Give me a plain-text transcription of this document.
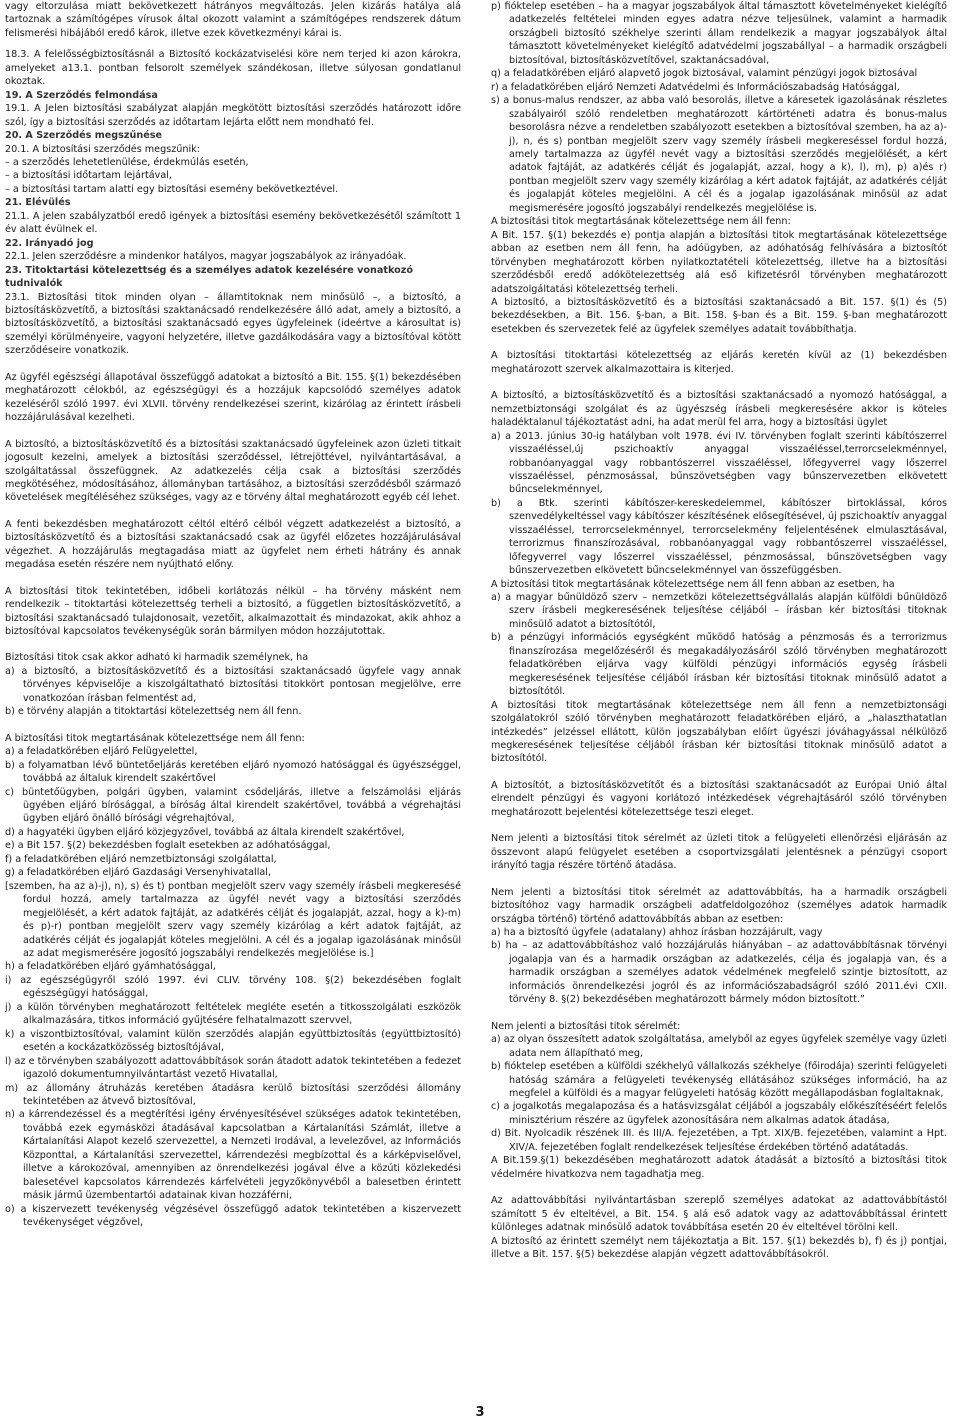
vagy eltorzulása miatt bekövetkezett hátrányos megváltozás. Jelen kizárás hatálya alá tartoznak a számítógépes vírusok által okozott valamint a számítógépes rendszerek dátum felismerési hibájából eredő károk, illetve ezek következményi kárai is.

18.3. A felelősségbiztosításnál a Biztosító kockázatviselési köre nem terjed ki azon károkra, amelyeket a13.1. pontban felsorolt személyek szándékosan, illetve súlyosan gondatlanul okoztak.

19. A Szerződés felmondása

19.1. A Jelen biztosítási szabályzat alapján megkötött biztosítási szerződés határozott időre szól, így a biztosítási szerződés az időtartam lejárta előtt nem mondható fel.

20. A Szerződés megszűnése

20.1. A biztosítási szerződés megszűnik:

– a szerződés lehetetlenülése, érdekmúlás esetén,

– a biztosítási időtartam lejártával,

– a biztosítási tartam alatti egy biztosítási esemény bekövetkeztével.

21. Elévülés

21.1. A jelen szabályzatból eredő igények a biztosítási esemény bekövetkezésétől számított 1 év alatt évülnek el.

22. Irányadó jog

22.1. Jelen szerződésre a mindenkor hatályos, magyar jogszabályok az irányadóak.

23. Titoktartási kötelezettség és a személyes adatok kezelésére vonatkozó tudnivalók

23.1. Biztosítási titok minden olyan – államtitoknak nem minősülő –, a biztosító, a biztosításközvetítő, a biztosítási szaktanácsadó rendelkezésére álló adat, amely a biztosító, a biztosításközvetítő, a biztosítási szaktanácsadó egyes ügyfeleinek (ideértve a károsultat is) személyi körülményeire, vagyoni helyzetére, illetve gazdálkodására vagy a biztosítóval kötött szerződéseire vonatkozik.

Az ügyfél egészségi állapotával összefüggő adatokat a biztosító a Bit. 155. §(1) bekezdésében meghatározott célokból, az egészségügyi és a hozzájuk kapcsolódó személyes adatok kezeléséről szóló 1997. évi XLVII. törvény rendelkezései szerint, kizárólag az érintett írásbeli hozzájárulásával kezelheti.

A biztosító, a biztosításközvetítő és a biztosítási szaktanácsadó ügyfeleinek azon üzleti titkait jogosult kezelni, amelyek a biztosítási szerződéssel, létrejöttével, nyilvántartásával, a szolgáltatással összefüggnek. Az adatkezelés célja csak a biztosítási szerződés megkötéséhez, módosításához, állományban tartásához, a biztosítási szerződésből származó követelések megítéléséhez szükséges, vagy az e törvény által meghatározott egyéb cél lehet.

A fenti bekezdésben meghatározott céltól eltérő célból végzett adatkezelést a biztosító, a biztosításközvetítő és a biztosítási szaktanácsadó csak az ügyfél előzetes hozzájárulásával végezhet. A hozzájárulás megtagadása miatt az ügyfelet nem érheti hátrány és annak megadása esetén részére nem nyújtható előny.

A biztosítási titok tekintetében, időbeli korlátozás nélkül – ha törvény másként nem rendelkezik – titoktartási kötelezettség terheli a biztosító, a független biztosításközvetítő, a biztosítási szaktanácsadó tulajdonosait, vezetőit, alkalmazottait és mindazokat, akik ahhoz a biztosítóval kapcsolatos tevékenységük során bármilyen módon hozzájutottak.

Biztosítási titok csak akkor adható ki harmadik személynek, ha

a) a biztosító, a biztosításközvetítő és a biztosítási szaktanácsadó ügyfele vagy annak törvényes képviselője a kiszolgáltatható biztosítási titokkört pontosan megjelölve, erre vonatkozóan írásban felmentést ad,

b) e törvény alapján a titoktartási kötelezettség nem áll fenn.

A biztosítási titok megtartásának kötelezettsége nem áll fenn:

a) a feladatkörében eljáró Felügyelettel,

b) a folyamatban lévő büntetőeljárás keretében eljáró nyomozó hatósággal és ügyészséggel, továbbá az általuk kirendelt szakértővel

c) büntetőügyben, polgári ügyben, valamint csődeljárás, illetve a felszámolási eljárás ügyében eljáró bírósággal, a bíróság által kirendelt szakértővel, továbbá a végrehajtási ügyben eljáró önálló bírósági végrehajtóval,

d) a hagyatéki ügyben eljáró közjegyzővel, továbbá az általa kirendelt szakértővel,

e) a Bit 157. §(2) bekezdésben foglalt esetekben az adóhatósággal,

f) a feladatkörében eljáró nemzetbiztonsági szolgálattal,

g) a feladatkörében eljáró Gazdasági Versenyhivatallal,

[szemben, ha az a)-j), n), s) és t) pontban megjelölt szerv vagy személy írásbeli megkeresésé fordul hozzá, amely tartalmazza az ügyfél nevét vagy a biztosítási szerződés megjelölését, a kért adatok fajtáját, az adatkérés célját és jogalapját, azzal, hogy a k)-m) és p)-r) pontban megjelölt szerv vagy személy kizárólag a kért adatok fajtáját, az adatkérés célját és jogalapját köteles megjelölni. A cél és a jogalap igazolásának minősül az adat megismerésére jogosító jogszabályi rendelkezés megjelölése is.]

h) a feladatkörében eljáró gyámhatósággal,

i) az egészségügyről szóló 1997. évi CLIV. törvény 108. §(2) bekezdésében foglalt egészségügyi hatósággal,

j) a külön törvényben meghatározott feltételek megléte esetén a titkosszolgálati eszközök alkalmazására, titkos információ gyűjtésére felhatalmazott szervvel,

k) a viszontbiztosítóval, valamint külön szerződés alapján együttbiztosítás (együttbiztosító) esetén a kockázatközösség biztosítójával,

l) az e törvényben szabályozott adattovábbítások során átadott adatok tekintetében a fedezet igazoló dokumentumnyilvántartást vezető Hivatallal,

m) az állomány átruházás keretében átadásra kerülő biztosítási szerződési állomány tekintetében az átvevő biztosítóval,

n) a kárrendezéssel és a megtérítési igény érvényesítésével szükséges adatok tekintetében, továbbá ezek egymásközi átadásával kapcsolatban a Kártalanítási Számlát, illetve a Kártalanítási Alapot kezelő szervezettel, a Nemzeti Irodával, a levelezővel, az Információs Központtal, a Kártalanítási szervezettel, kárrendezési megbízottal és a kárképviselővel, illetve a károkozóval, amennyiben az önrendelkezési jogával élve a közúti közlekedési balesetével kapcsolatos kárrendezés kárfelvételi jegyzőkönyvéből a balesetben érintett másik jármű üzembentartói adatainak kivan hozzáférni,

o) a kiszervezett tevékenység végzésével összefüggő adatok tekintetében a kiszervezett tevékenységet végzővel,

p) fióktelep esetében – ha a magyar jogszabályok által támasztott követelményeket kielégítő adatkezelés feltételei minden egyes adatra nézve teljesülnek, valamint a harmadik országbeli biztosító székhelye szerinti állam rendelkezik a magyar jogszabályok által támasztott követelményeket kielégítő adatvédelmi jogszabállyal – a harmadik országbeli biztosítóval, biztosításközvetítővel, szaktanácsadóval,

q) a feladatkörében eljáró alapvető jogok biztosával, valamint pénzügyi jogok biztosával

r) a feladatkörében eljáró Nemzeti Adatvédelmi és Információszabadság Hatósággal,

s) a bonus-malus rendszer, az abba való besorolás, illetve a káresetek igazolásának részletes szabályairól szóló rendeletben meghatározott kártörténeti adatra és bonus-malus besorolásra nézve a rendeletben szabályozott esetekben a biztosítóval szemben, ha az a)-j), n, és s) pontban megjelölt szerv vagy személy írásbeli megkereséssel fordul hozzá, amely tartalmazza az ügyfél nevét vagy a biztosítási szerződés megjelölését, a kért adatok fajtáját, az adatkérés célját és jogalapját, azzal, hogy a k), l), m), p) a)és r) pontban megjelölt szerv vagy személy kizárólag a kért adatok fajtáját, az adatkérés célját és jogalapját köteles megjelölni. A cél és a jogalap igazolásának minősül az adat megismerésére jogosító jogszabályi rendelkezés megjelölése is.

A biztosítási titok megtartásának kötelezettsége nem áll fenn:

A Bit. 157. §(1) bekezdés e) pontja alapján a biztosítási titok megtartásának kötelezettsége abban az esetben nem áll fenn, ha adóügyben, az adóhatóság felhívására a biztosítót törvényben meghatározott körben nyilatkoztatételi kötelezettség, illetve ha a biztosítási szerződésből eredő adókötelezettség alá eső kifizetésről törvényben meghatározott adatszolgáltatási kötelezettség terheli.

A biztosító, a biztosításközvetítő és a biztosítási szaktanácsadó a Bit. 157. §(1) és (5) bekezdésekben, a Bit. 156. §-ban, a Bit. 158. §-ban és a Bit. 159. §-ban meghatározott esetekben és szervezetek felé az ügyfelek személyes adatait továbbíthatja.

A biztosítási titoktartási kötelezettség az eljárás keretén kívül az (1) bekezdésben meghatározott szervek alkalmazottaira is kiterjed.

A biztosító, a biztosításközvetítő és a biztosítási szaktanácsadó a nyomozó hatósággal, a nemzetbiztonsági szolgálat és az ügyészség írásbeli megkeresésére akkor is köteles haladéktalanul tájékoztatást adni, ha adat merül fel arra, hogy a biztosítási ügylet

a) a 2013. június 30-ig hatályban volt 1978. évi IV. törvényben foglalt szerinti kábítószerrel visszaéléssel,új pszichoaktív anyaggal visszaéléssel,terrorcselekménnyel, robbanóanyaggal vagy robbantószerrel visszaéléssel, lőfegyverrel vagy lőszerrel visszaéléssel, pénzmosással, bűnszövetségben vagy bűnszervezetben elkövetett bűncselekménnyel,

b) a Btk. szerinti kábítószer-kereskedelemmel, kábítószer birtoklással, kóros szenvedélykeltéssel vagy kábítószer készítésének elősegítésével, új pszichoaktív anyaggal visszaéléssel, terrorcselekménnyel, terrorcselekmény feljelentésének elmulasztásával, terrorizmus finanszírozásával, robbanóanyaggal vagy robbantószerrel visszaéléssel, lőfegyverrel vagy lőszerrel visszaéléssel, pénzmosással, bűnszövetségben vagy bűnszervezetben elkövetett bűncselekménnyel van összefüggésben.

A biztosítási titok megtartásának kötelezettsége nem áll fenn abban az esetben, ha

a) a magyar bűnüldöző szerv – nemzetközi kötelezettségvállalás alapján külföldi bűnüldöző szerv írásbeli megkeresésének teljesítése céljából – írásban kér biztosítási titoknak minősülő adatot a biztosítótól,

b) a pénzügyi információs egységként működő hatóság a pénzmosás és a terrorizmus finanszírozása megelőzéséről és megakadályozásáról szóló törvényben meghatározott feladatkörében eljárva vagy külföldi pénzügyi információs egység írásbeli megkeresésének teljesítése céljából írásban kér biztosítási titoknak minősülő adatot a biztosítótól.

A biztosítási titok megtartásának kötelezettsége nem áll fenn a nemzetbiztonsági szolgálatokról szóló törvényben meghatározott feladatkörében eljáró, a „halaszthatatlan intézkedés” jelzéssel ellátott, külön jogszabályban előírt ügyészi jóváhagyással nélkülöző megkeresésének teljesítése céljából írásban kér biztosítási titoknak minősülő adatot a biztosítótól.

A biztosítót, a biztosításközvetítőt és a biztosítási szaktanácsadót az Európai Unió által elrendelt pénzügyi és vagyoni korlátozó intézkedések végrehajtásáról szóló törvényben meghatározott bejelentési kötelezettsége teszi eleget.

Nem jelenti a biztosítási titok sérelmét az üzleti titok a felügyeleti ellenőrzési eljárásán az összevont alapú felügyelet esetében a csoportvizsgálati jelentésnek a pénzügyi csoport irányító tagja részére történő átadása.

Nem jelenti a biztosítási titok sérelmét az adattovábbítás, ha a harmadik országbeli biztosítóhoz vagy harmadik országbeli adatfeldolgozóhoz (személyes adatok harmadik országba történő) történő adattovábbítás abban az esetben:

a) ha a biztosító ügyfele (adatalany) ahhoz írásban hozzájárult, vagy

b) ha – az adattovábbításhoz való hozzájárulás hiányában – az adattovábbításnak törvényi jogalapja van és a harmadik országban az adatkezelés, célja és jogalapja van, és a harmadik országban a személyes adatok védelmének megfelelő szintje biztosított, az információs önrendelkezési jogról és az információszabadságról szóló 2011.évi CXII. törvény 8. §(2) bekezdésében meghatározott bármely módon biztosított.”

Nem jelenti a biztosítási titok sérelmét:

a) az olyan összesített adatok szolgáltatása, amelyből az egyes ügyfelek személye vagy üzleti adata nem állapítható meg,

b) fióktelep esetében a külföldi székhelyű vállalkozás székhelye (főirodája) szerinti felügyeleti hatóság számára a felügyeleti tevékenység ellátásához szükséges információ, ha az megfelel a külföldi és a magyar felügyeleti hatóság között megállapodásban foglaltaknak,

c) a jogalkotás megalapozása és a hatásvizsgálat céljából a jogszabály előkészítéséért felelős minisztérium részére az ügyfelek azonosítására nem alkalmas adatok átadása,

d) Bit. Nyolcadik részének III. és III/A. fejezetében, a Tpt. XIX/B. fejezetében, valamint a Hpt. XIV/A. fejezetében foglalt rendelkezések teljesítése érdekében történő adatátadás.

A Bit.159.§(1) bekezdésében meghatározott adatok átadását a biztosító a biztosítási titok védelmére hivatkozva nem tagadhatja meg.

Az adattovábbítási nyilvántartásban szereplő személyes adatokat az adattovábbítástól számított 5 év elteltével, a Bit. 154. § alá eső adatok vagy az adattovábbítással érintett különleges adatnak minősülő adatok továbbítása esetén 20 év elteltével törölni kell.

A biztosító az érintett személyt nem tájékoztatja a Bit. 157. §(1) bekezdés b), f) és j) pontjai, illetve a Bit. 157. §(5) bekezdése alapján végzett adattovábbításokról.

3
